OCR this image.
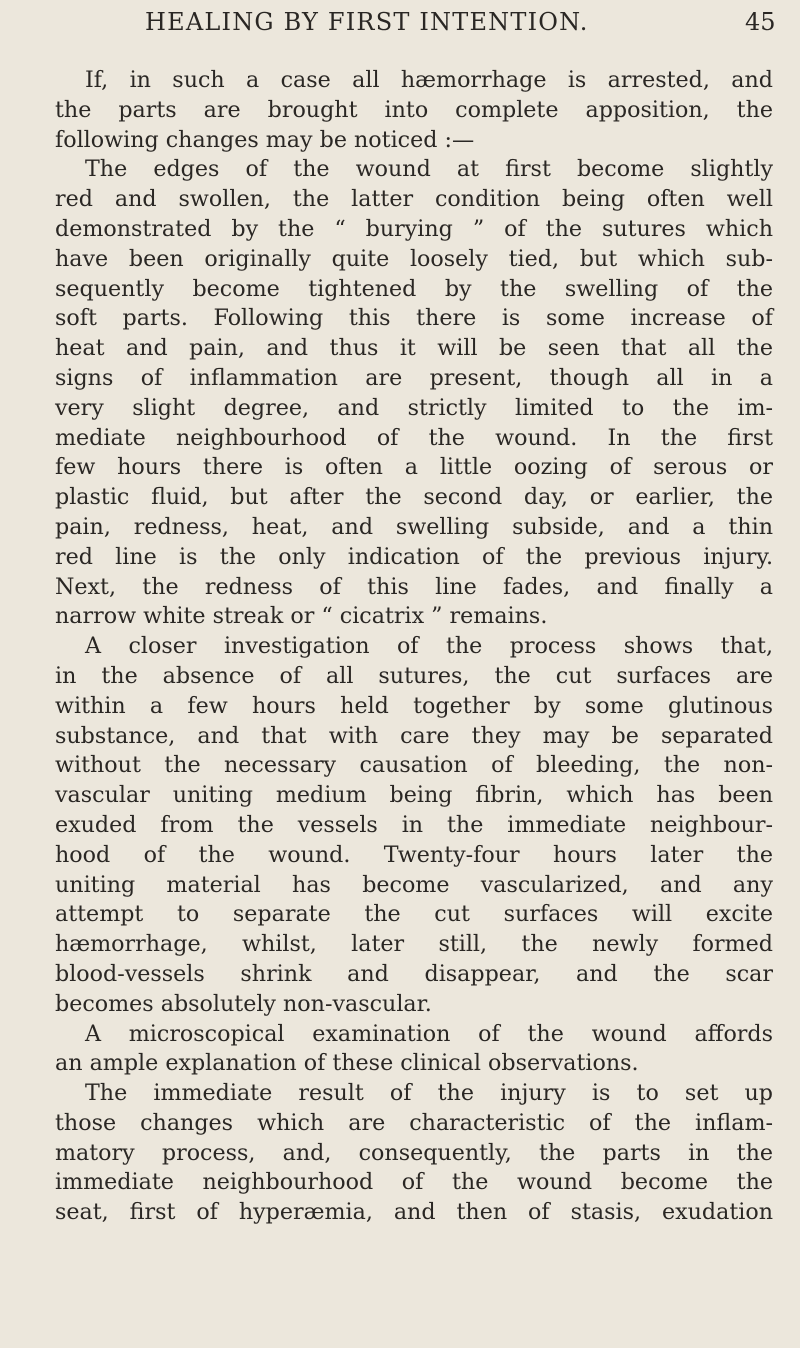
HEALING BY FIRST INTENTION.	45
If, in such a case all hæmorrhage is arrested, and
the parts are brought into complete apposition, the
following changes may be noticed :—
The edges of the wound at first become slightly
red and swollen, the latter condition being often well
demonstrated by the “ burying ” of the sutures which
have been originally quite loosely tied, but which sub-
sequently become tightened by the swelling of the
soft parts. Following this there is some increase of
heat and pain, and thus it will be seen that all the
signs of inflammation are present, though all in a
very slight degree, and strictly limited to the im-
mediate neighbourhood of the wound. In the first
few hours there is often a little oozing of serous or
plastic fluid, but after the second day, or earlier, the
pain, redness, heat, and swelling subside, and a thin
red line is the only indication of the previous injury.
Next, the redness of this line fades, and finally a
narrow white streak or “ cicatrix ” remains.
A closer investigation of the process shows that,
in the absence of all sutures, the cut surfaces are
within a few hours held together by some glutinous
substance, and that with care they may be separated
without the necessary causation of bleeding, the non-
vascular uniting medium being fibrin, which has been
exuded from the vessels in the immediate neighbour-
hood of the wound. Twenty-four hours later the
uniting material has become vascularized, and any
attempt to separate the cut surfaces will excite
hæmorrhage, whilst, later still, the newly formed
blood-vessels shrink and disappear, and the scar
becomes absolutely non-vascular.
A microscopical examination of the wound affords
an ample explanation of these clinical observations.
The immediate result of the injury is to set up
those changes which are characteristic of the inflam-
matory process, and, consequently, the parts in the
immediate neighbourhood of the wound become the
seat, first of hyperæmia, and then of stasis, exudation
